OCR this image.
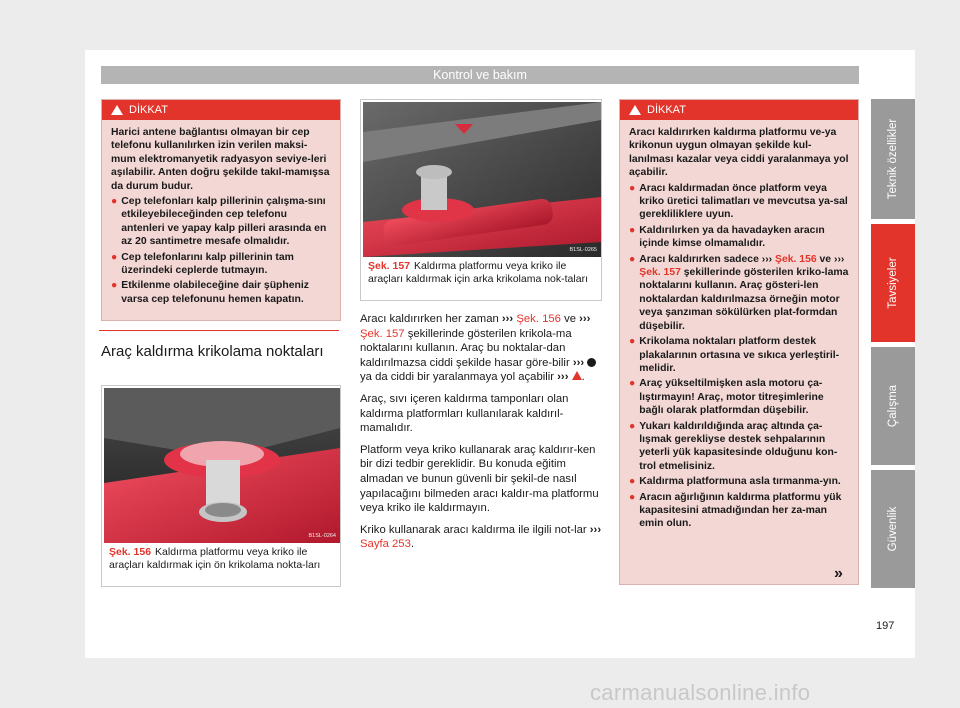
Kontrol ve bakım
DİKKAT

Harici antene bağlantısı olmayan bir cep telefonu kullanılırken izin verilen maksi-mum elektromanyetik radyasyon seviye-leri aşılabilir. Anten doğru şekilde takıl-mamışsa da durum budur.

● Cep telefonları kalp pillerinin çalışma-sını etkileyebileceğinden cep telefonu antenleri ve yapay kalp pilleri arasında en az 20 santimetre mesafe olmalıdır.

● Cep telefonlarını kalp pillerinin tam üzerindeki ceplerde tutmayın.

● Etkilenme olabileceğine dair şüpheniz varsa cep telefonunu hemen kapatın.

Araç kaldırma krikolama noktaları
B1SL-0264
Şek. 156 Kaldırma platformu veya kriko ile araçları kaldırmak için ön krikolama nokta-ları
B1SL-0265
Şek. 157 Kaldırma platformu veya kriko ile araçları kaldırmak için arka krikolama nok-taları

Aracı kaldırırken her zaman ››› Şek. 156 ve ››› Şek. 157 şekillerinde gösterilen krikola-ma noktalarını kullanın. Araç bu noktalar-dan kaldırılmazsa ciddi şekilde hasar göre-bilir ›››  ya da ciddi bir yaralanmaya yol açabilir ››› .

Araç, sıvı içeren kaldırma tamponları olan kaldırma platformları kullanılarak kaldırıl-mamalıdır.

Platform veya kriko kullanarak araç kaldırır-ken bir dizi tedbir gereklidir. Bu konuda eğitim almadan ve bunun güvenli bir şekil-de nasıl yapılacağını bilmeden aracı kaldır-ma platformu veya kriko ile kaldırmayın.

Kriko kullanarak aracı kaldırma ile ilgili not-lar ››› Sayfa 253.

DİKKAT

Aracı kaldırırken kaldırma platformu ve-ya krikonun uygun olmayan şekilde kul-lanılması kazalar veya ciddi yaralanmaya yol açabilir.

● Aracı kaldırmadan önce platform veya kriko üretici talimatları ve mevcutsa ya-sal gerekliliklere uyun.

● Kaldırılırken ya da havadayken aracın içinde kimse olmamalıdır.

● Aracı kaldırırken sadece ››› Şek. 156 ve ››› Şek. 157 şekillerinde gösterilen kriko-lama noktalarını kullanın. Araç gösteri-len noktalardan kaldırılmazsa örneğin motor veya şanzıman sökülürken plat-formdan düşebilir.

● Krikolama noktaları platform destek plakalarının ortasına ve sıkıca yerleştiril-melidir.

● Araç yükseltilmişken asla motoru ça-lıştırmayın! Araç, motor titreşimlerine bağlı olarak platformdan düşebilir.

● Yukarı kaldırıldığında araç altında ça-lışmak gerekliyse destek sehpalarının yeterli yük kapasitesinde olduğunu kon-trol etmelisiniz.

● Kaldırma platformuna asla tırmanma-yın.

● Aracın ağırlığının kaldırma platformu yük kapasitesini atmadığından her za-man emin olun.

»
Teknik özellikler
Tavsiyeler
Çalışma
Güvenlik
197
carmanualsonline.info
